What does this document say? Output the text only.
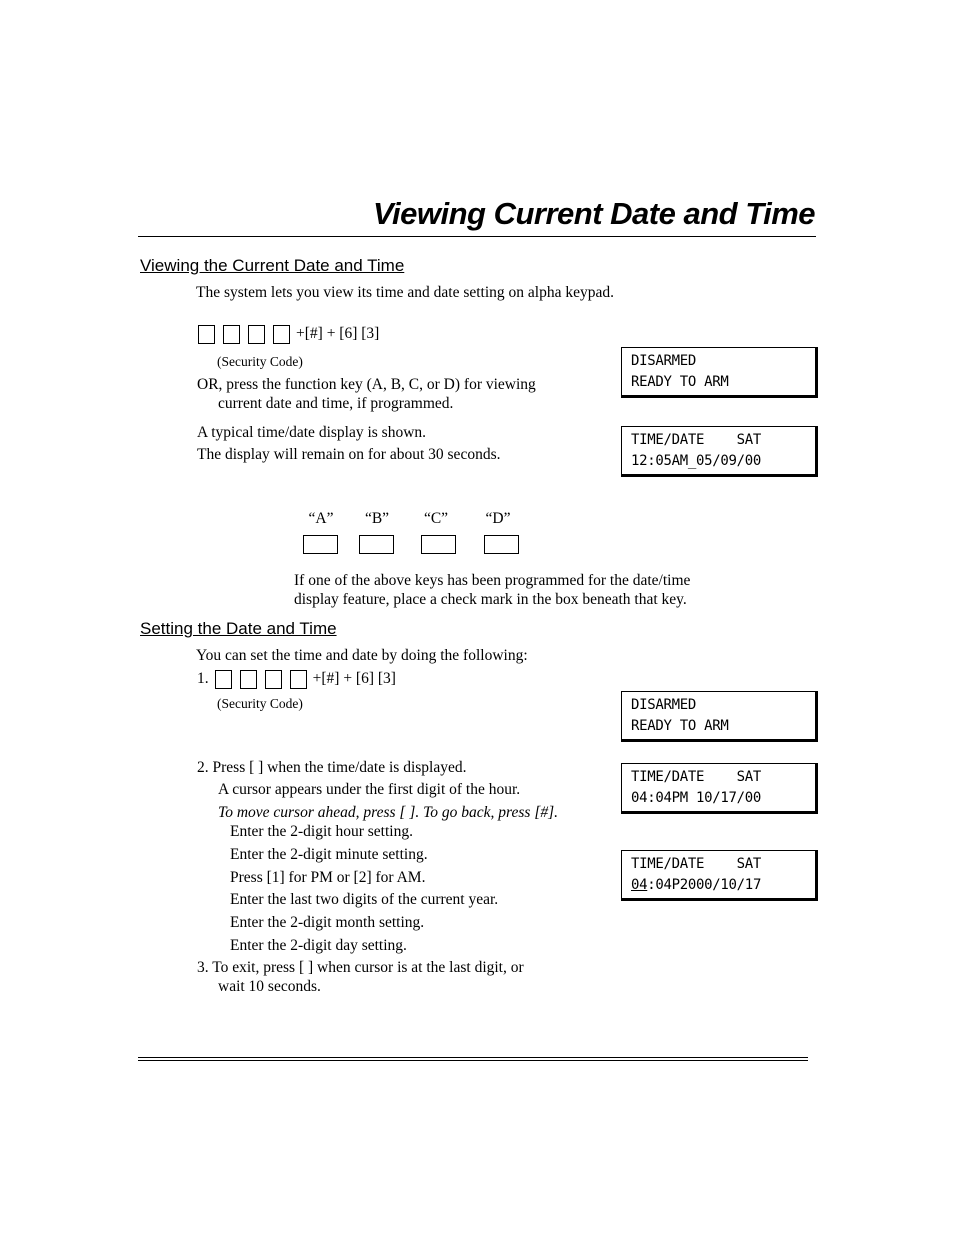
Viewing Current Date and Time
Viewing the Current Date and Time
The system lets you view its time and date setting on alpha keypad.
+[#] + [6] [3]
(Security Code)
OR, press the function key (A, B, C, or D) for viewing
current date and time, if programmed.
A typical time/date display is shown.
The display will remain on for about 30 seconds.
DISARMED
READY TO ARM
TIME/DATE    SAT
12:05AM_05/09/00
“A”	“B”	“C”	“D”
If one of the above keys has been programmed for the date/time
display feature, place a check mark in the box beneath that key.
Setting the Date and Time
You can set the time and date by doing the following:
1.	+[#] + [6] [3]
(Security Code)
2. Press [ ] when the time/date is displayed.
A cursor appears under the first digit of the hour.
To move cursor ahead, press [ ]. To go back, press [#].
Enter the 2-digit hour setting.
Enter the 2-digit minute setting.
Press [1] for PM or [2] for AM.
Enter the last two digits of the current year.
Enter the 2-digit month setting.
Enter the 2-digit day setting.
3. To exit, press [ ] when cursor is at the last digit, or
wait 10 seconds.
DISARMED
READY TO ARM
TIME/DATE    SAT
04:04PM 10/17/00
TIME/DATE    SAT
04:04P2000/10/17
